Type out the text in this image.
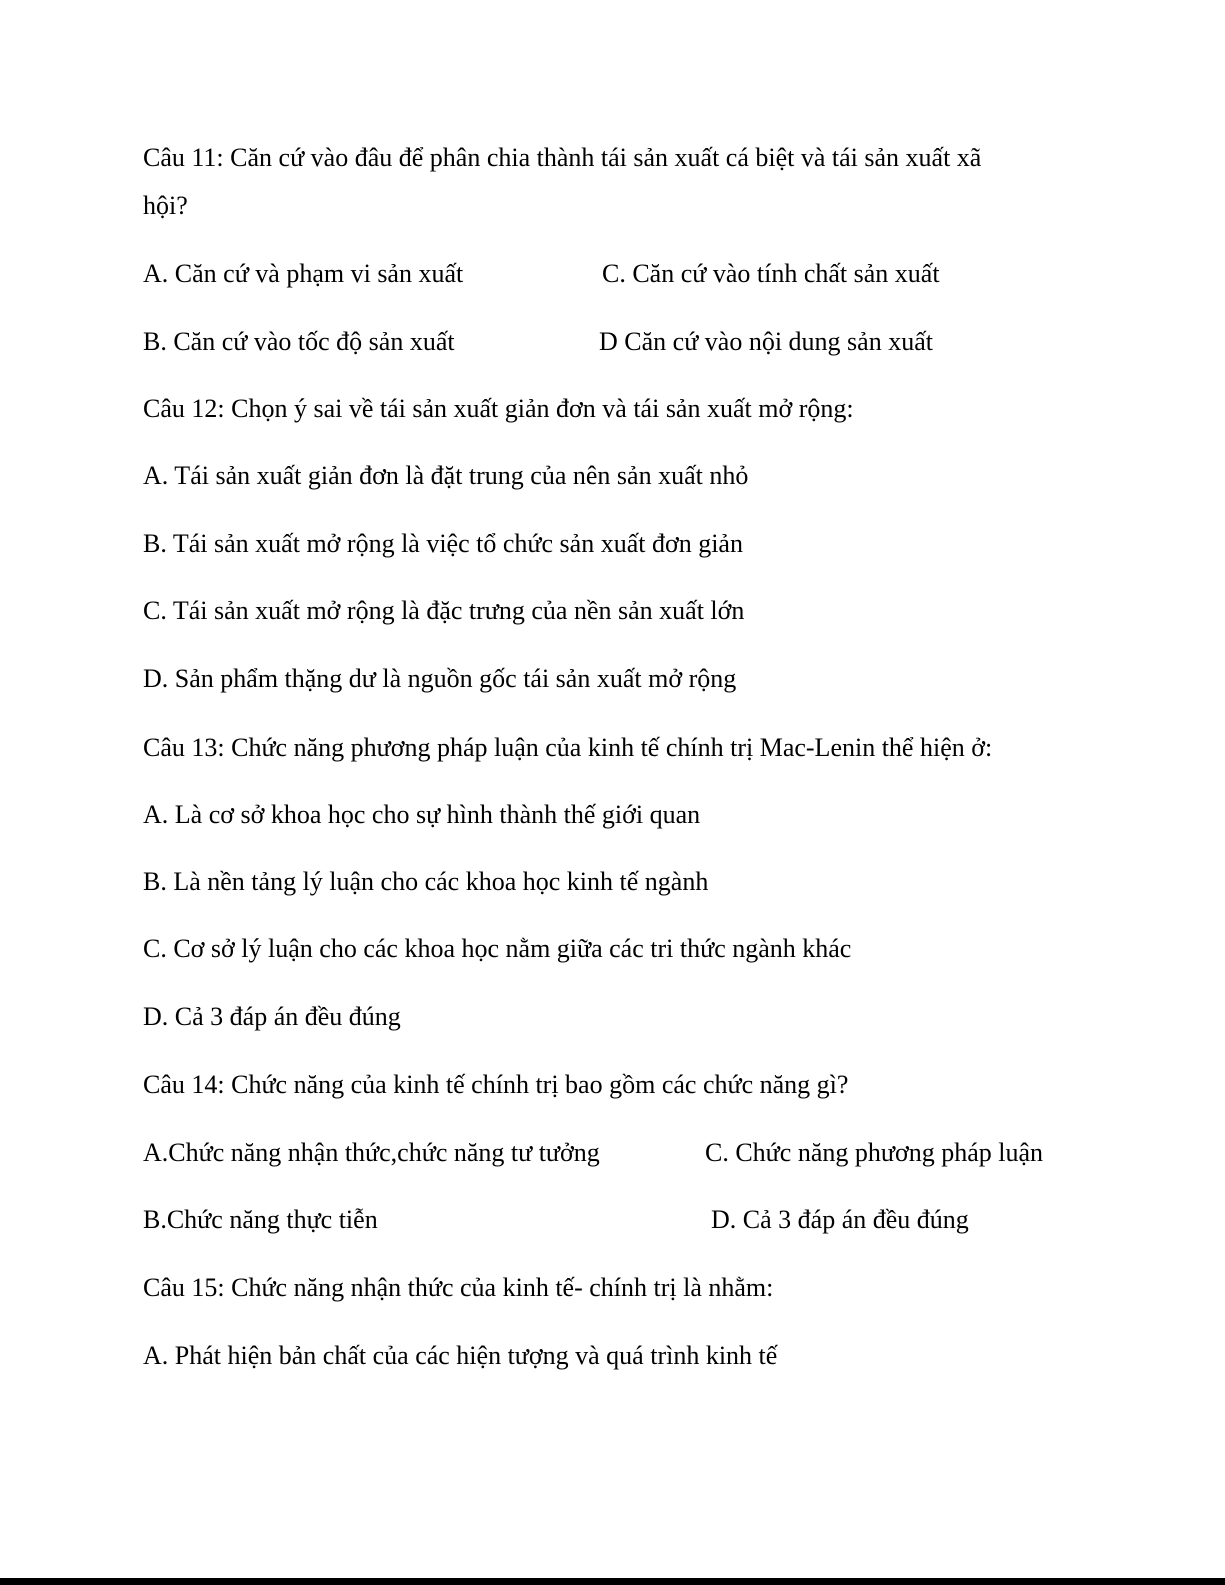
Câu 11: Căn cứ vào đâu để phân chia thành tái sản xuất cá biệt và tái sản xuất xã
hội?
A. Căn cứ và phạm vi sản xuất	C. Căn cứ vào tính chất sản xuất
B. Căn cứ vào tốc độ sản xuất	D Căn cứ vào nội dung sản xuất
Câu 12: Chọn ý sai về tái sản xuất giản đơn và tái sản xuất mở rộng:
A. Tái sản xuất giản đơn là đặt trung của nên sản xuất nhỏ
B. Tái sản xuất mở rộng là việc tổ chức sản xuất đơn giản
C. Tái sản xuất mở rộng là đặc trưng của nền sản xuất lớn
D. Sản phẩm thặng dư là nguồn gốc tái sản xuất mở rộng
Câu 13: Chức năng phương pháp luận của kinh tế chính trị Mac-Lenin thể hiện ở:
A. Là cơ sở khoa học cho sự hình thành thế giới quan
B. Là nền tảng lý luận cho các khoa học kinh tế ngành
C. Cơ sở lý luận cho các khoa học nằm giữa các tri thức ngành khác
D. Cả 3 đáp án đều đúng
Câu 14: Chức năng của kinh tế chính trị bao gồm các chức năng gì?
A.Chức năng nhận thức,chức năng tư tưởng	C. Chức năng phương pháp luận
B.Chức năng thực tiễn	D. Cả 3 đáp án đều đúng
Câu 15: Chức năng nhận thức của kinh tế- chính trị là nhằm:
A. Phát hiện bản chất của các hiện tượng và quá trình kinh tế
